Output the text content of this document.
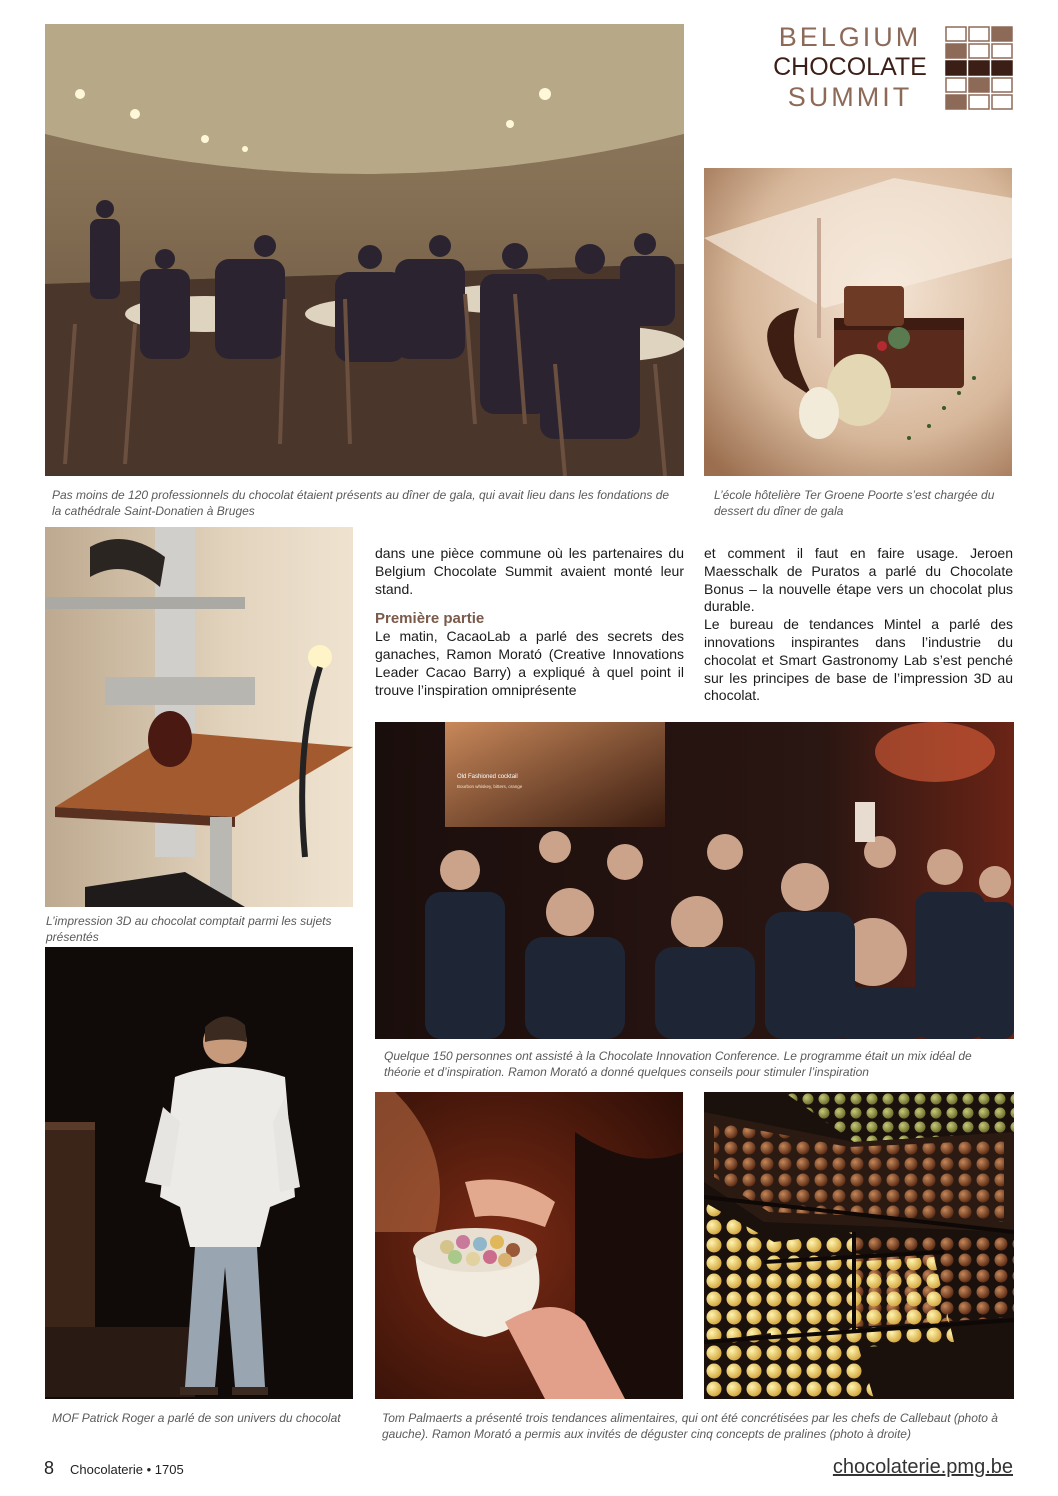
BELGIUM
CHOCOLATE
SUMMIT

Pas moins de 120 professionnels du chocolat étaient présents au dîner de gala, qui avait lieu dans les fondations de la cathédrale Saint-Donatien à Bruges

L’école hôtelière Ter Groene Poorte s’est chargée du dessert du dîner de gala

L’impression 3D au chocolat comptait parmi les sujets présentés

MOF Patrick Roger a parlé de son univers du chocolat

dans une pièce commune où les partenaires du Belgium Chocolate Summit avaient monté leur stand.

Première partie

Le matin, CacaoLab a parlé des secrets des ganaches, Ramon Morató (Creative Innovations Leader Cacao Barry) a expliqué à quel point il trouve l’inspiration omniprésente

et comment il faut en faire usage. Jeroen Maesschalk de Puratos a parlé du Chocolate Bonus – la nouvelle étape vers un chocolat plus durable.

Le bureau de tendances Mintel a parlé des innovations inspirantes dans l’industrie du chocolat et Smart Gastronomy Lab s’est penché sur les principes de base de l’impression 3D au chocolat.

Old Fashioned cocktail
Bourbon whiskey, bitters, orange

Quelque 150 personnes ont assisté à la Chocolate Innovation Conference. Le programme était un mix idéal de théorie et d’inspiration. Ramon Morató a donné quelques conseils pour stimuler l’inspiration

Tom Palmaerts a présenté trois tendances alimentaires, qui ont été concrétisées par les chefs de Callebaut (photo à gauche). Ramon Morató a permis aux invités de déguster cinq concepts de pralines (photo à droite)

8 Chocolaterie • 1705	chocolaterie.pmg.be
